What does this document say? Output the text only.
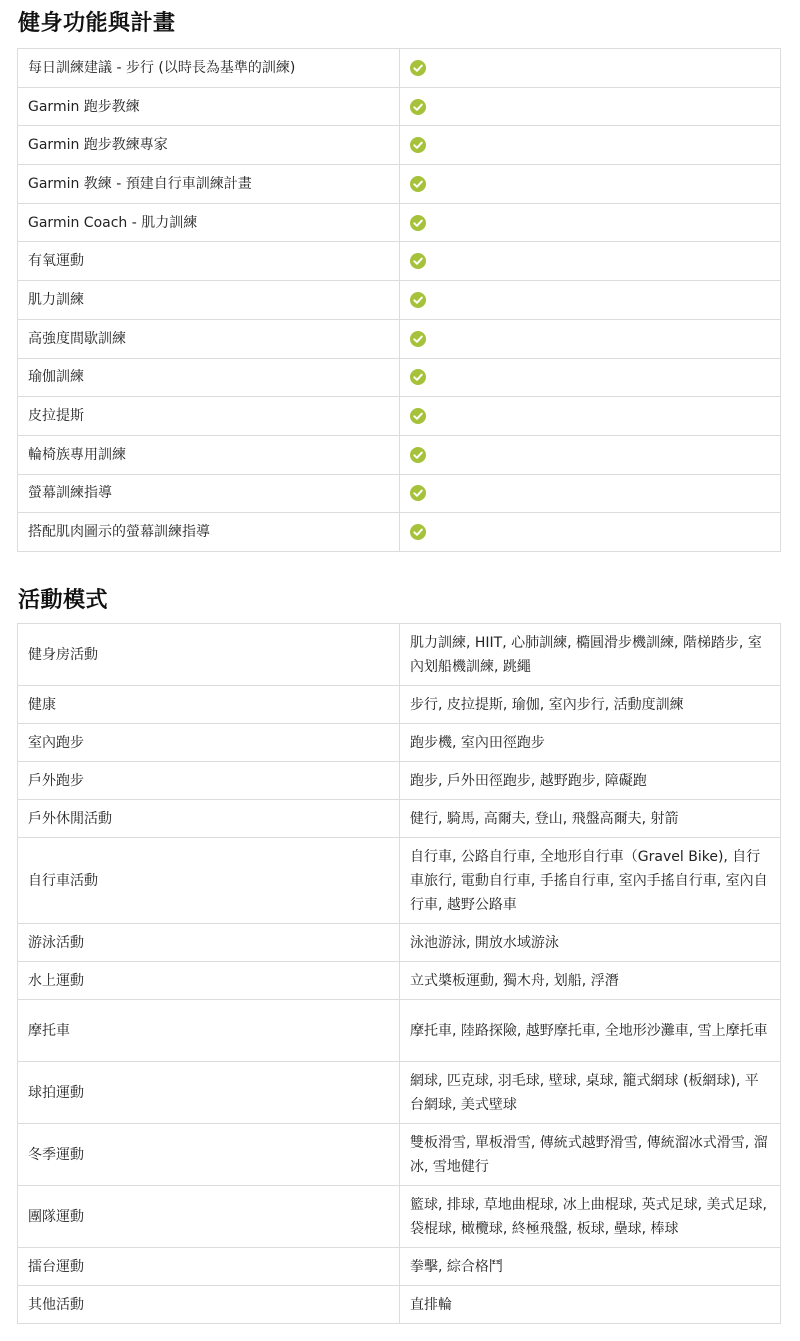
健身功能與計畫
每日訓練建議 - 步行 (以時長為基準的訓練)	
Garmin 跑步教練	
Garmin 跑步教練專家	
Garmin 教練 - 預建自行車訓練計畫	
Garmin Coach - 肌力訓練	
有氧運動	
肌力訓練	
高強度間歇訓練	
瑜伽訓練	
皮拉提斯	
輪椅族專用訓練	
螢幕訓練指導	
搭配肌肉圖示的螢幕訓練指導	
活動模式
健身房活動	肌力訓練, HIIT, 心肺訓練, 橢圓滑步機訓練, 階梯踏步, 室內划船機訓練, 跳繩
健康	步行, 皮拉提斯, 瑜伽, 室內步行, 活動度訓練
室內跑步	跑步機, 室內田徑跑步
戶外跑步	跑步, 戶外田徑跑步, 越野跑步, 障礙跑
戶外休閒活動	健行, 騎馬, 高爾夫, 登山, 飛盤高爾夫, 射箭
自行車活動	自行車, 公路自行車, 全地形自行車（Gravel Bike), 自行車旅行, 電動自行車, 手搖自行車, 室內手搖自行車, 室內自行車, 越野公路車
游泳活動	泳池游泳, 開放水域游泳
水上運動	立式槳板運動, 獨木舟, 划船, 浮潛
摩托車	摩托車, 陸路探險, 越野摩托車, 全地形沙灘車, 雪上摩托車
球拍運動	網球, 匹克球, 羽毛球, 壁球, 桌球, 籠式網球 (板網球), 平台網球, 美式壁球
冬季運動	雙板滑雪, 單板滑雪, 傳統式越野滑雪, 傳統溜冰式滑雪, 溜冰, 雪地健行
團隊運動	籃球, 排球, 草地曲棍球, 冰上曲棍球, 英式足球, 美式足球, 袋棍球, 橄欖球, 終極飛盤, 板球, 壘球, 棒球
擂台運動	拳擊, 綜合格鬥
其他活動	直排輪
